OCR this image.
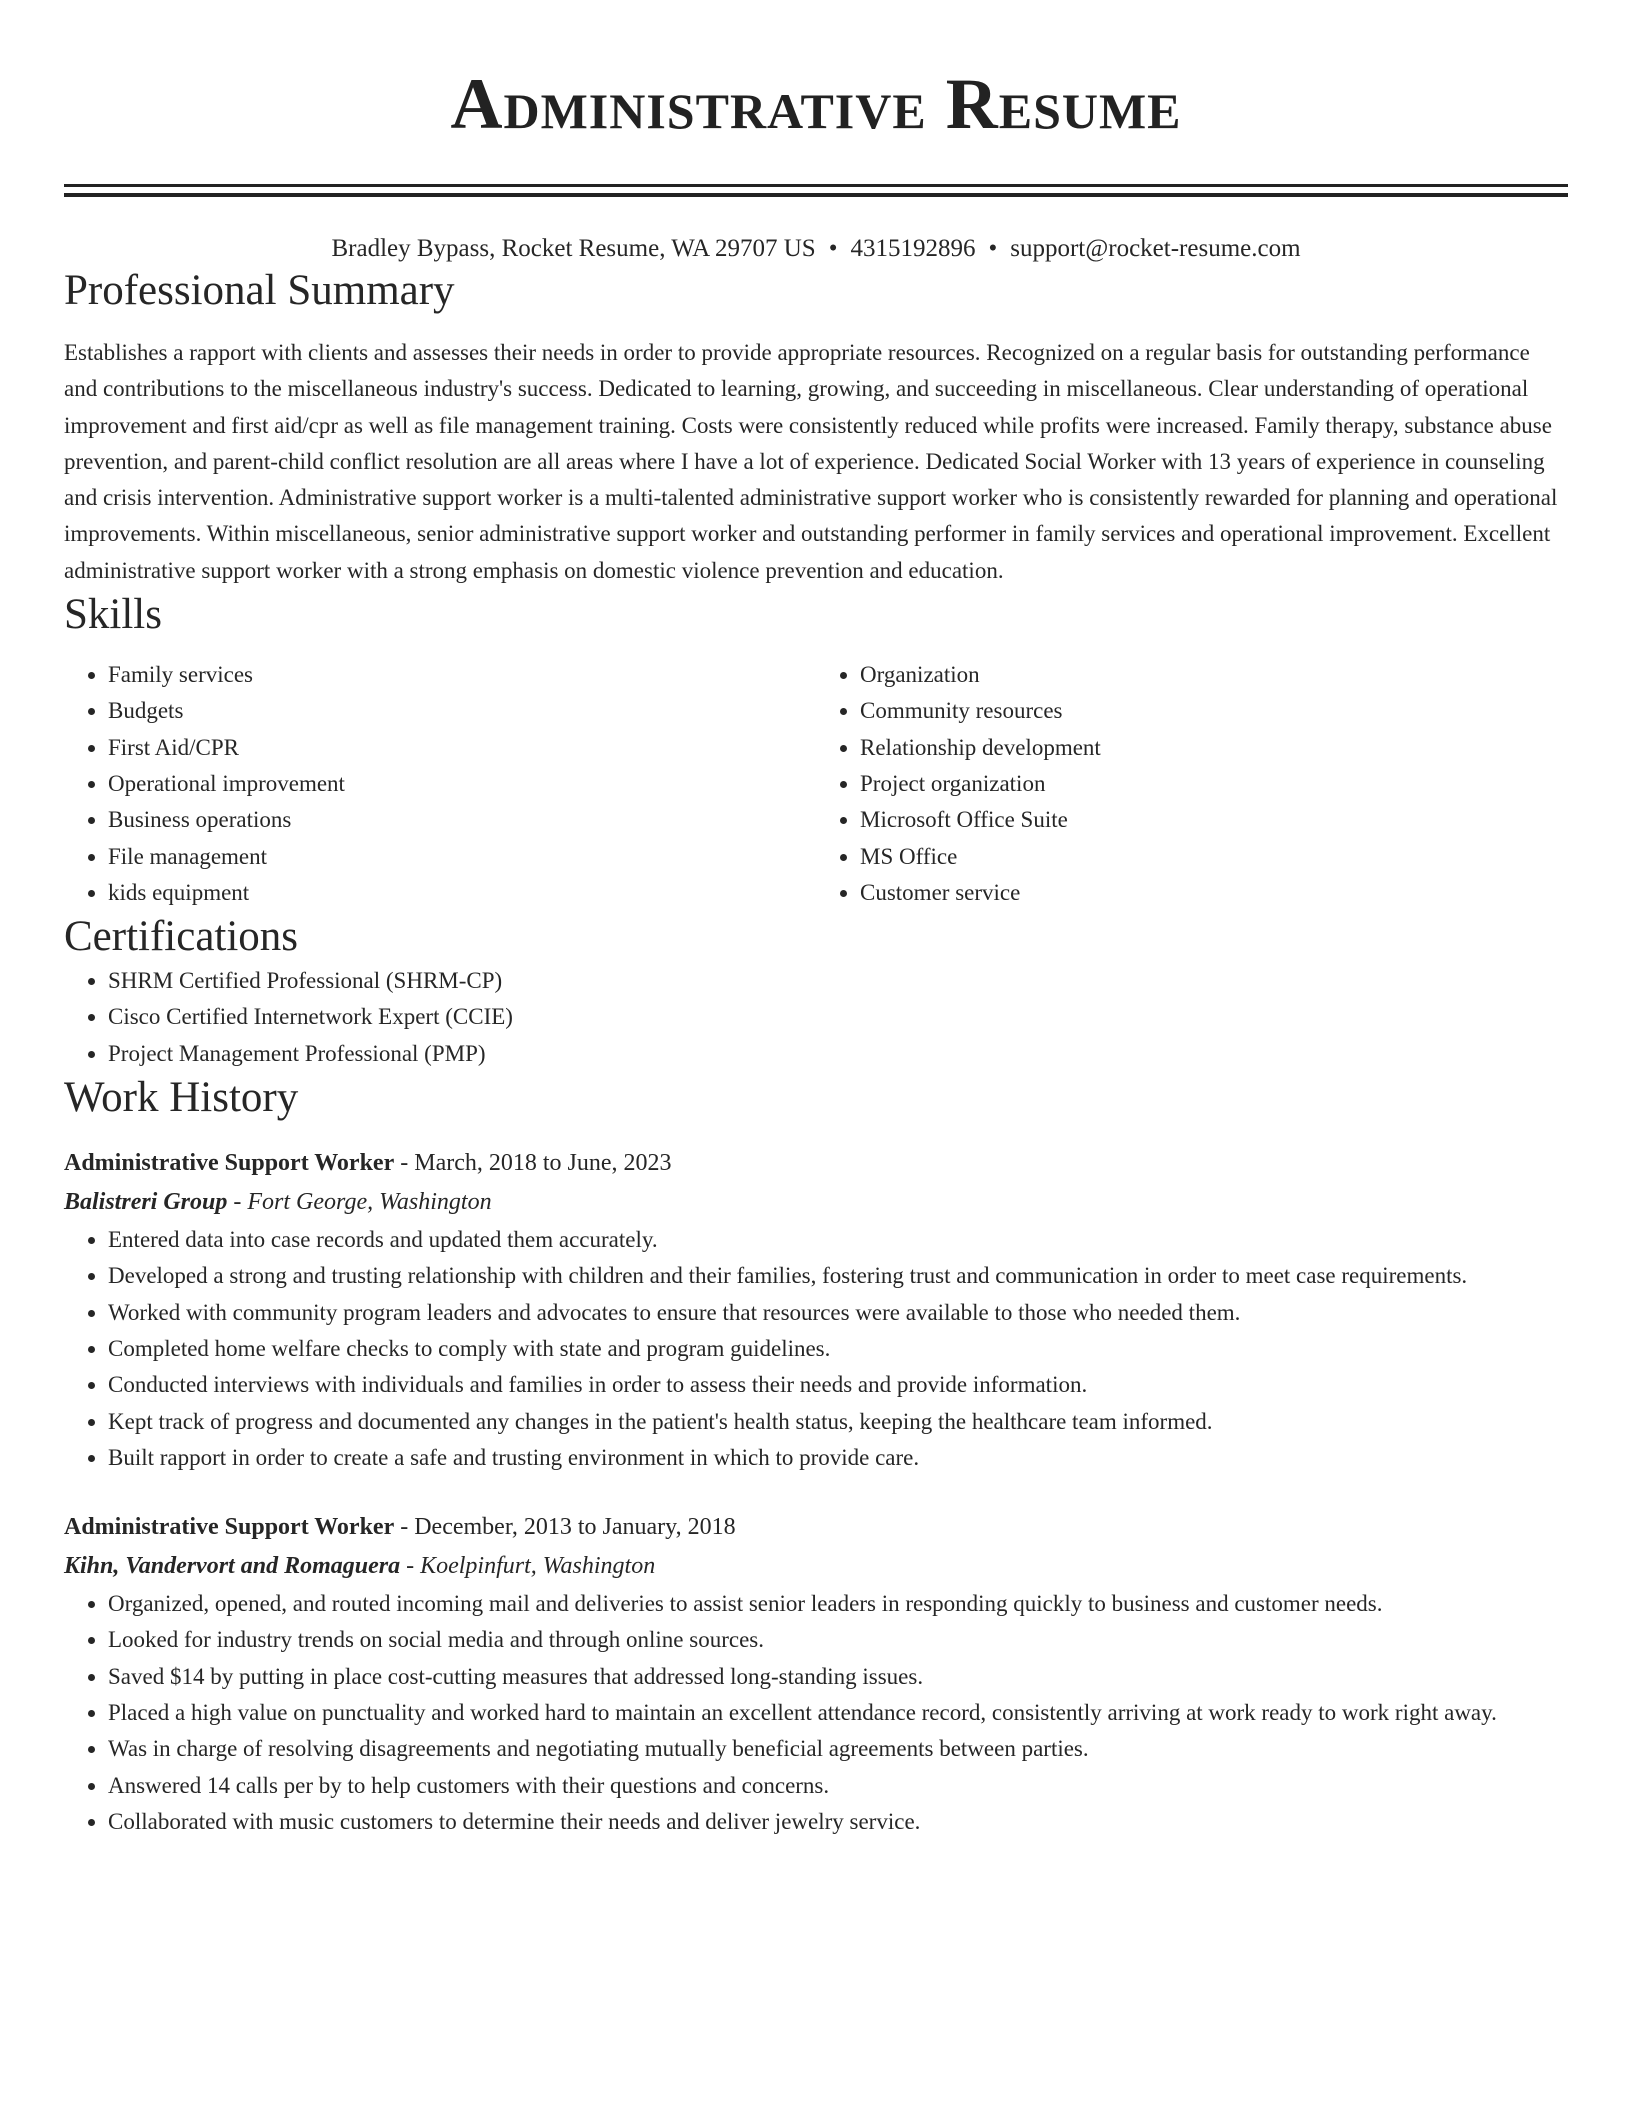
Administrative Resume
Bradley Bypass, Rocket Resume, WA 29707 US • 4315192896 • support@rocket-resume.com
Professional Summary

Establishes a rapport with clients and assesses their needs in order to provide appropriate resources. Recognized on a regular basis for outstanding performance and contributions to the miscellaneous industry's success. Dedicated to learning, growing, and succeeding in miscellaneous. Clear understanding of operational improvement and first aid/cpr as well as file management training. Costs were consistently reduced while profits were increased. Family therapy, substance abuse prevention, and parent-child conflict resolution are all areas where I have a lot of experience. Dedicated Social Worker with 13 years of experience in counseling and crisis intervention. Administrative support worker is a multi-talented administrative support worker who is consistently rewarded for planning and operational improvements. Within miscellaneous, senior administrative support worker and outstanding performer in family services and operational improvement. Excellent administrative support worker with a strong emphasis on domestic violence prevention and education.

Skills
• Family services
• Budgets
• First Aid/CPR
• Operational improvement
• Business operations
• File management
• kids equipment
• Organization
• Community resources
• Relationship development
• Project organization
• Microsoft Office Suite
• MS Office
• Customer service
Certifications
• SHRM Certified Professional (SHRM-CP)
• Cisco Certified Internetwork Expert (CCIE)
• Project Management Professional (PMP)
Work History
Administrative Support Worker - March, 2018 to June, 2023
Balistreri Group - Fort George, Washington
• Entered data into case records and updated them accurately.
• Developed a strong and trusting relationship with children and their families, fostering trust and communication in order to meet case requirements.
• Worked with community program leaders and advocates to ensure that resources were available to those who needed them.
• Completed home welfare checks to comply with state and program guidelines.
• Conducted interviews with individuals and families in order to assess their needs and provide information.
• Kept track of progress and documented any changes in the patient's health status, keeping the healthcare team informed.
• Built rapport in order to create a safe and trusting environment in which to provide care.
Administrative Support Worker - December, 2013 to January, 2018
Kihn, Vandervort and Romaguera - Koelpinfurt, Washington
• Organized, opened, and routed incoming mail and deliveries to assist senior leaders in responding quickly to business and customer needs.
• Looked for industry trends on social media and through online sources.
• Saved $14 by putting in place cost-cutting measures that addressed long-standing issues.
• Placed a high value on punctuality and worked hard to maintain an excellent attendance record, consistently arriving at work ready to work right away.
• Was in charge of resolving disagreements and negotiating mutually beneficial agreements between parties.
• Answered 14 calls per by to help customers with their questions and concerns.
• Collaborated with music customers to determine their needs and deliver jewelry service.
